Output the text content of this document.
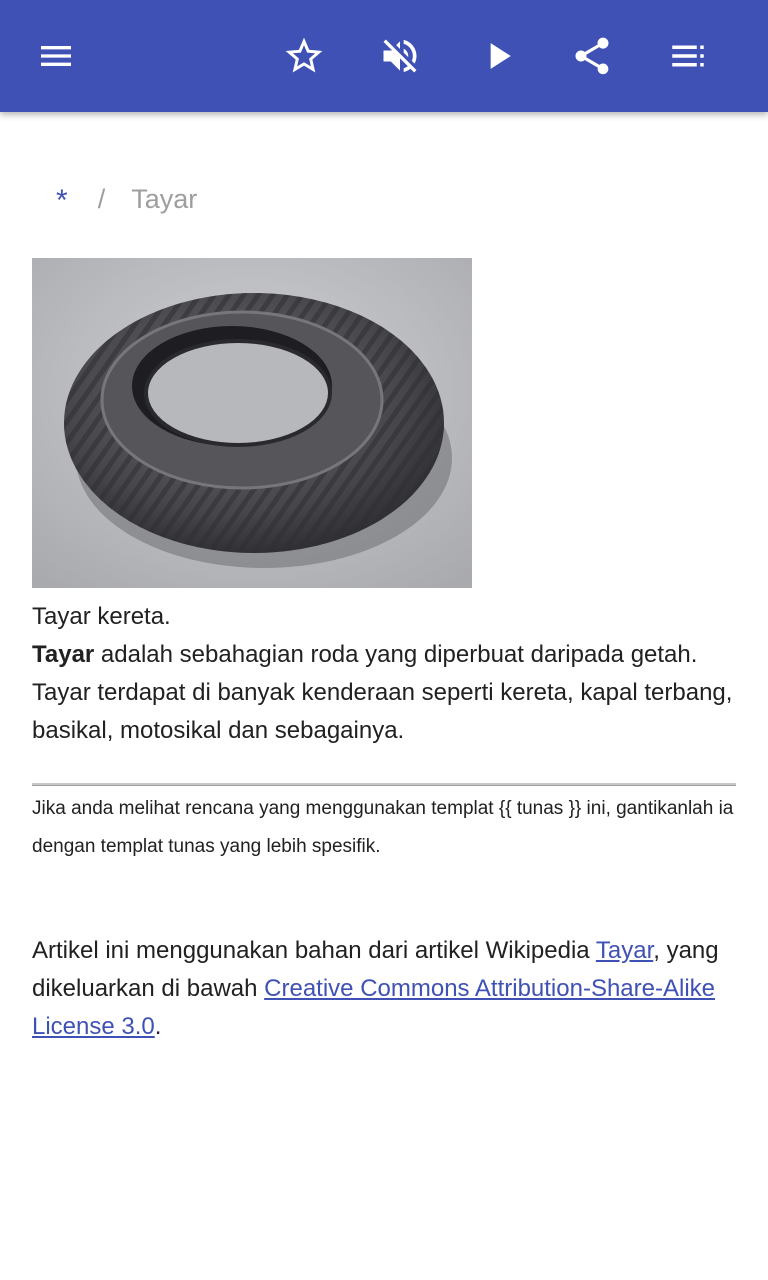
* / Tayar
Tayar kereta.

Tayar adalah sebahagian roda yang diperbuat daripada getah. Tayar terdapat di banyak kenderaan seperti kereta, kapal terbang, basikal, motosikal dan sebagainya.

Jika anda melihat rencana yang menggunakan templat {{ tunas }} ini, gantikanlah ia dengan templat tunas yang lebih spesifik.

Artikel ini menggunakan bahan dari artikel Wikipedia Tayar, yang dikeluarkan di bawah Creative Commons Attribution-Share-Alike License 3.0.
